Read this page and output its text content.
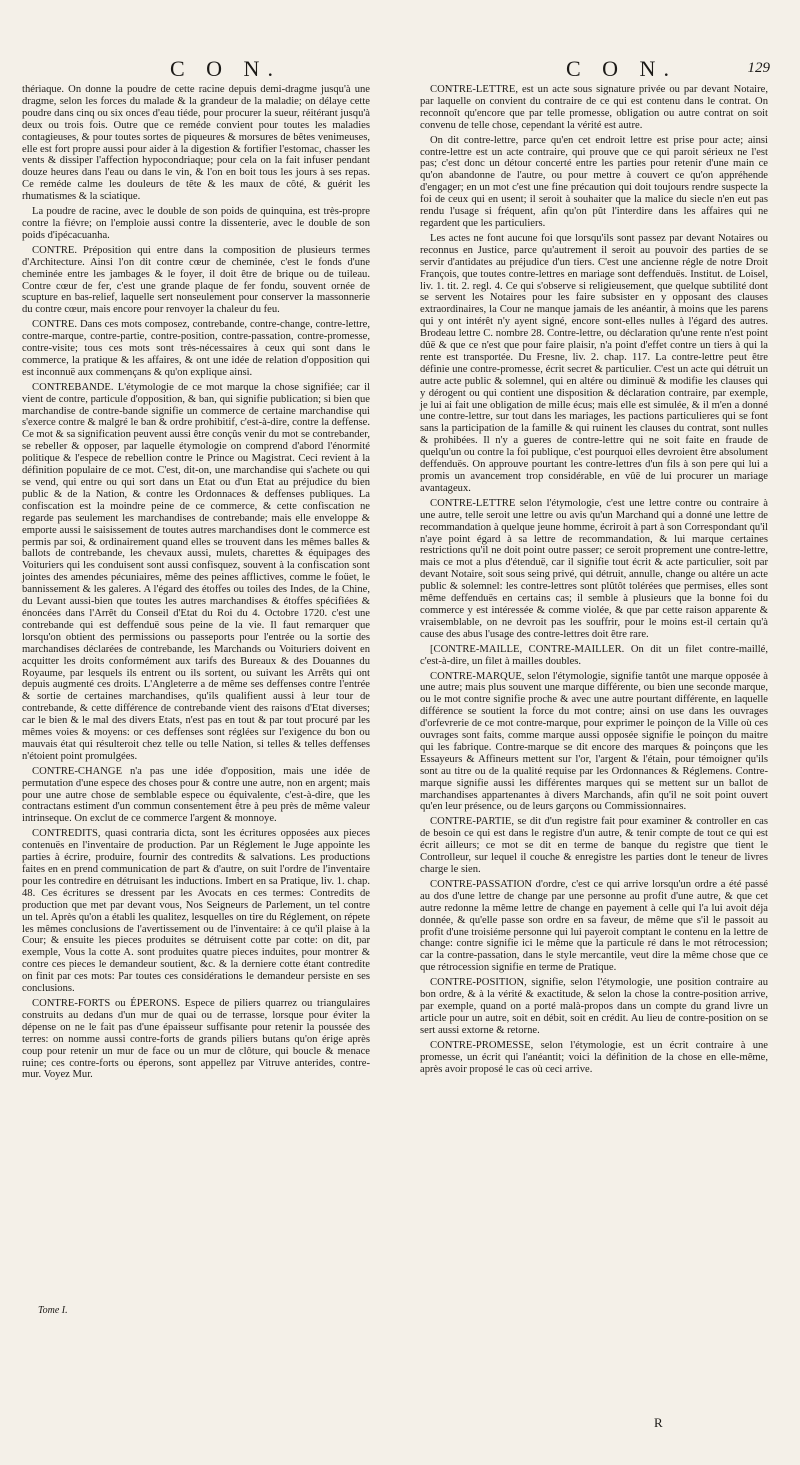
C O N.	C O N.	129

thériaque. On donne la poudre de cette racine depuis demi-dragme jusqu'à une dragme, selon les forces du malade & la grandeur de la maladie; on délaye cette poudre dans cinq ou six onces d'eau tiéde, pour procurer la sueur, réitérant jusqu'à deux ou trois fois. Outre que ce reméde convient pour toutes les maladies contagieuses, & pour toutes sortes de piqueures & morsures de bêtes venimeuses, elle est fort propre aussi pour aider à la digestion & fortifier l'estomac, chasser les vents & dissiper l'affection hypocondriaque; pour cela on la fait infuser pendant douze heures dans l'eau ou dans le vin, & l'on en boit tous les jours à ses repas. Ce reméde calme les douleurs de tête & les maux de côté, & guérit les rhumatismes & la sciatique.

La poudre de racine, avec le double de son poids de quinquina, est très-propre contre la fiévre; on l'emploie aussi contre la dissenterie, avec le double de son poids d'ipécacuanha.

CONTRE. Préposition qui entre dans la composition de plusieurs termes d'Architecture. Ainsi l'on dit contre cœur de cheminée, c'est le fonds d'une cheminée entre les jambages & le foyer, il doit être de brique ou de tuileau. Contre cœur de fer, c'est une grande plaque de fer fondu, souvent ornée de scupture en bas-relief, laquelle sert nonseulement pour conserver la massonnerie du contre cœur, mais encore pour renvoyer la chaleur du feu.

CONTRE. Dans ces mots composez, contrebande, contre-change, contre-lettre, contre-marque, contre-partie, contre-position, contre-passation, contre-promesse, contre-visite; tous ces mots sont très-nécessaires à ceux qui sont dans le commerce, la pratique & les affaires, & ont une idée de relation d'opposition qui est inconnuë aux commençans & qu'on explique ainsi.

CONTREBANDE. L'étymologie de ce mot marque la chose signifiée; car il vient de contre, particule d'opposition, & ban, qui signifie publication; si bien que marchandise de contre-bande signifie un commerce de certaine marchandise qui s'exerce contre & malgré le ban & ordre prohibitif, c'est-à-dire, contre la deffense. Ce mot & sa signification peuvent aussi être conçûs venir du mot se contrebander, se rebeller & opposer, par laquelle étymologie on comprend d'abord l'énormité politique & l'espece de rebellion contre le Prince ou Magistrat. Ceci revient à la définition populaire de ce mot. C'est, dit-on, une marchandise qui s'achete ou qui se vend, qui entre ou qui sort dans un Etat ou d'un Etat au préjudice du bien public & de la Nation, & contre les Ordonnaces & deffenses publiques. La confiscation est la moindre peine de ce commerce, & cette confiscation ne regarde pas seulement les marchandises de contrebande; mais elle enveloppe & emporte aussi le saisissement de toutes autres marchandises dont le commerce est permis par soi, & ordinairement quand elles se trouvent dans les mêmes balles & ballots de contrebande, les chevaux aussi, mulets, charettes & équipages des Voituriers qui les conduisent sont aussi confisquez, souvent à la confiscation sont jointes des amendes pécuniaires, même des peines afflictives, comme le foüet, le bannissement & les galeres. A l'égard des étoffes ou toiles des Indes, de la Chine, du Levant aussi-bien que toutes les autres marchandises & étoffes spécifiées & énoncées dans l'Arrêt du Conseil d'Etat du Roi du 4. Octobre 1720. c'est une contrebande qui est deffenduë sous peine de la vie. Il faut remarquer que lorsqu'on obtient des permissions ou passeports pour l'entrée ou la sortie des marchandises déclarées de contrebande, les Marchands ou Voituriers doivent en acquitter les droits conformément aux tarifs des Bureaux & des Douannes du Royaume, par lesquels ils entrent ou ils sortent, ou suivant les Arrêts qui ont depuis augmenté ces droits. L'Angleterre a de même ses deffenses contre l'entrée & sortie de certaines marchandises, qu'ils qualifient aussi à leur tour de contrebande, & cette différence de contrebande vient des raisons d'Etat diverses; car le bien & le mal des divers Etats, n'est pas en tout & par tout procuré par les mêmes voies & moyens: or ces deffenses sont réglées sur l'exigence du bon ou mauvais état qui résulteroit chez telle ou telle Nation, si telles & telles deffenses n'étoient point promulgées.

CONTRE-CHANGE n'a pas une idée d'opposition, mais une idée de permutation d'une espece des choses pour & contre une autre, non en argent; mais pour une autre chose de semblable espece ou équivalente, c'est-à-dire, que les contractans estiment d'un commun consentement être à peu près de même valeur intrinseque. On exclut de ce commerce l'argent & monnoye.

CONTREDITS, quasi contraria dicta, sont les écritures opposées aux pieces contenuës en l'inventaire de production. Par un Réglement le Juge appointe les parties à écrire, produire, fournir des contredits & salvations. Les productions faites en en prend communication de part & d'autre, on suit l'ordre de l'inventaire pour les contredire en détruisant les inductions. Imbert en sa Pratique, liv. 1. chap. 48. Ces écritures se dressent par les Avocats en ces termes: Contredits de production que met par devant vous, Nos Seigneurs de Parlement, un tel contre un tel. Après qu'on a établi les qualitez, lesquelles on tire du Réglement, on répete les mêmes conclusions de l'avertissement ou de l'inventaire: à ce qu'il plaise à la Cour; & ensuite les pieces produites se détruisent cotte par cotte: on dit, par exemple, Vous la cotte A. sont produites quatre pieces induites, pour montrer & contre ces pieces le demandeur soutient, &c. & la derniere cotte étant contredite on finit par ces mots: Par toutes ces considérations le demandeur persiste en ses conclusions.

CONTRE-FORTS ou ÉPERONS. Espece de piliers quarrez ou triangulaires construits au dedans d'un mur de quai ou de terrasse, lorsque pour éviter la dépense on ne le fait pas d'une épaisseur suffisante pour retenir la poussée des terres: on nomme aussi contre-forts de grands piliers butans qu'on érige après coup pour retenir un mur de face ou un mur de clôture, qui boucle & menace ruine; ces contre-forts ou éperons, sont appellez par Vitruve anterides, contre-mur. Voyez Mur.

CONTRE-LETTRE, est un acte sous signature privée ou par devant Notaire, par laquelle on convient du contraire de ce qui est contenu dans le contrat. On reconnoît qu'encore que par telle promesse, obligation ou autre contrat on soit convenu de telle chose, cependant la vérité est autre.

On dit contre-lettre, parce qu'en cet endroit lettre est prise pour acte; ainsi contre-lettre est un acte contraire, qui prouve que ce qui paroit sérieux ne l'est pas; c'est donc un détour concerté entre les parties pour retenir d'une main ce qu'on abandonne de l'autre, ou pour mettre à couvert ce qu'on appréhende d'engager; en un mot c'est une fine précaution qui doit toujours rendre suspecte la foi de ceux qui en usent; il seroit à souhaiter que la malice du siecle n'en eut pas rendu l'usage si fréquent, afin qu'on pût l'interdire dans les affaires qui ne regardent que les particuliers.

Les actes ne font aucune foi que lorsqu'ils sont passez par devant Notaires ou reconnus en Justice, parce qu'autrement il seroit au pouvoir des parties de se servir d'antidates au préjudice d'un tiers. C'est une ancienne régle de notre Droit François, que toutes contre-lettres en mariage sont deffenduës. Institut. de Loisel, liv. 1. tit. 2. regl. 4. Ce qui s'observe si religieusement, que quelque subtilité dont se servent les Notaires pour les faire subsister en y opposant des clauses extraordinaires, la Cour ne manque jamais de les anéantir, à moins que les parens qui y ont intérêt n'y ayent signé, encore sont-elles nulles à l'égard des autres. Brodeau lettre C. nombre 28. Contre-lettre, ou déclaration qu'une rente n'est point dûë & que ce n'est que pour faire plaisir, n'a point d'effet contre un tiers à qui la rente est transportée. Du Fresne, liv. 2. chap. 117. La contre-lettre peut être définie une contre-promesse, écrit secret & particulier. C'est un acte qui détruit un autre acte public & solemnel, qui en altére ou diminuë & modifie les clauses qui y dérogent ou qui contient une disposition & déclaration contraire, par exemple, je lui ai fait une obligation de mille écus; mais elle est simulée, & il m'en a donné une contre-lettre, sur tout dans les mariages, les pactions particulieres qui se font sans la participation de la famille & qui ruinent les clauses du contrat, sont nulles & prohibées. Il n'y a gueres de contre-lettre qui ne soit faite en fraude de quelqu'un ou contre la foi publique, c'est pourquoi elles devroient être absolument deffenduës. On approuve pourtant les contre-lettres d'un fils à son pere qui lui a promis un avancement trop considérable, en vûë de lui procurer un mariage avantageux.

CONTRE-LETTRE selon l'étymologie, c'est une lettre contre ou contraire à une autre, telle seroit une lettre ou avis qu'un Marchand qui a donné une lettre de recommandation à quelque jeune homme, écriroit à part à son Correspondant qu'il n'aye point égard à sa lettre de recommandation, & lui marque certaines restrictions qu'il ne doit point outre passer; ce seroit proprement une contre-lettre, mais ce mot a plus d'étenduë, car il signifie tout écrit & acte particulier, soit par devant Notaire, soit sous seing privé, qui détruit, annulle, change ou altére un acte public & solemnel: les contre-lettres sont plûtôt tolérées que permises, elles sont même deffenduës en certains cas; il semble à plusieurs que la bonne foi du commerce y est intéressée & comme violée, & que par cette raison apparente & vraisemblable, on ne devroit pas les souffrir, pour le moins est-il certain qu'à cause des abus l'usage des contre-lettres doit être rare.

[CONTRE-MAILLE, CONTRE-MAILLER. On dit un filet contre-maillé, c'est-à-dire, un filet à mailles doubles.

CONTRE-MARQUE, selon l'étymologie, signifie tantôt une marque opposée à une autre; mais plus souvent une marque différente, ou bien une seconde marque, ou le mot contre signifie proche & avec une autre pourtant différente, en laquelle différence se soutient la force du mot contre; ainsi on use dans les ouvrages d'orfevrerie de ce mot contre-marque, pour exprimer le poinçon de la Ville où ces ouvrages sont faits, comme marque aussi opposée signifie le poinçon du maitre qui les fabrique. Contre-marque se dit encore des marques & poinçons que les Essayeurs & Affineurs mettent sur l'or, l'argent & l'étain, pour témoigner qu'ils sont au titre ou de la qualité requise par les Ordonnances & Réglemens. Contre-marque signifie aussi les différentes marques qui se mettent sur un ballot de marchandises appartenantes à divers Marchands, afin qu'il ne soit point ouvert qu'en leur présence, ou de leurs garçons ou Commissionnaires.

CONTRE-PARTIE, se dit d'un registre fait pour examiner & controller en cas de besoin ce qui est dans le registre d'un autre, & tenir compte de tout ce qui est écrit ailleurs; ce mot se dit en terme de banque du registre que tient le Controlleur, sur lequel il couche & enregistre les parties dont le teneur de livres charge le sien.

CONTRE-PASSATION d'ordre, c'est ce qui arrive lorsqu'un ordre a été passé au dos d'une lettre de change par une personne au profit d'une autre, & que cet autre redonne la même lettre de change en payement à celle qui l'a lui avoit déja donnée, & qu'elle passe son ordre en sa faveur, de même que s'il le passoit au profit d'une troisiéme personne qui lui payeroit comptant le contenu en la lettre de change: contre signifie ici le même que la particule ré dans le mot rétrocession; car la contre-passation, dans le style mercantile, veut dire la même chose que ce que rétrocession signifie en terme de Pratique.

CONTRE-POSITION, signifie, selon l'étymologie, une position contraire au bon ordre, & à la vérité & exactitude, & selon la chose la contre-position arrive, par exemple, quand on a porté malà-propos dans un compte du grand livre un article pour un autre, soit en débit, soit en crédit. Au lieu de contre-position on se sert aussi extorne & retorne.

CONTRE-PROMESSE, selon l'étymologie, est un écrit contraire à une promesse, un écrit qui l'anéantit; voici la définition de la chose en elle-même, après avoir proposé le cas où ceci arrive.

Tome I.
R
